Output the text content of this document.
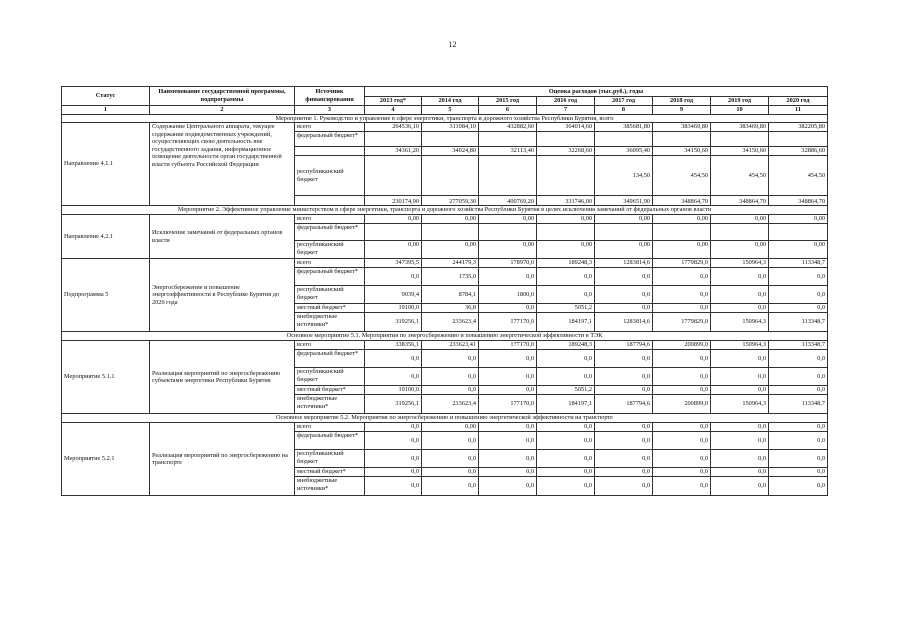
12
Статус	Наименование государственной программы, подпрограммы	Источник финансирования	Оценка расходов (тыс.руб.), годы							
			2013 год*	2014 год	2015 год	2016 год	2017 год	2018 год	2019 год	2020 год
1	2	3	4	5	6	7	8	9	10	11
Мероприятие 1. Руководство и управление в сфере энергетики, транспорта и дорожного хозяйства Республики Бурятия, всего										
Направление 4.1.1	Содержание Центрального аппарата, текущее содержание подведомственных учреждений, осуществляющих свою деятельность вне государственного задания, информационное освещение деятельности орган государственной власти субъекта Российской Федерации	всего	264536,10	311084,10	432882,60	364014,60	385681,80	383469,80	383469,80	382205,80
		федеральный бюджет*								
			34361,20	34024,80	32113,40	32268,60	36095,40	34150,60	34150,60	32886,60
		республиканский бюджет					134,50	454,50	454,50	454,50
			230174,90	277059,30	400769,20	331746,00	349651,90	348864,70	348864,70	348864,70
Мероприятие 2. Эффективное управление министерством в сфере энергетики, транспорта и дорожного хозяйства Республики Бурятия в целях исключения замечаний от федеральных органов власти										
Направление 4.2.1	Исключение замечаний от федеральных органов власти	всего	0,00	0,00	0,00	0,00	0,00	0,00	0,00	0,00
		федеральный бюджет*								
		республиканский бюджет	0,00	0,00	0,00	0,00	0,00	0,00	0,00	0,00
Подпрограмма 5	Энергосбережение и повышение энергоэффективности в Республике Бурятия до 2020 года	всего	347395,5	244179,3	178970,0	189248,3	1283814,6	1779829,0	150964,3	113348,7
		федеральный бюджет*	0,0	1735,0	0,0	0,0	0,0	0,0	0,0	0,0
		республиканский бюджет	9039,4	8784,1	1800,0	0,0	0,0	0,0	0,0	0,0
		местный бюджет*	19100,0	36,8	0,0	5051,2	0,0	0,0	0,0	0,0
		внебюджетные источники*	319256,1	233623,4	177170,0	184197,1	1283814,6	1779829,0	150964,3	113348,7
Основное мероприятие 5.1. Мероприятия по энергосбережению и повышению энергетической эффективности в ТЭК										
Мероприятие 5.1.1	Реализация мероприятий по энергосбережению субъектами энергетики Республики Бурятия	всего	338356,1	233623,41	177170,0	189248,3	187794,6	200899,0	150964,3	113348,7
		федеральный бюджет*	0,0	0,0	0,0	0,0	0,0	0,0	0,0	0,0
		республиканский бюджет	0,0	0,0	0,0	0,0	0,0	0,0	0,0	0,0
		местный бюджет*	19100,0	0,0	0,0	5051,2	0,0	0,0	0,0	0,0
		внебюджетные источники*	319256,1	233623,4	177170,0	184197,1	187794,6	200899,0	150964,3	113348,7
Основное мероприятие 5.2. Мероприятия по энергосбережению и повышению энергетической эффективности на транспорте										
Мероприятие 5.2.1	Реализация мероприятий по энергосбережению на транспорте	всего	0,0	0,00	0,0	0,0	0,0	0,0	0,0	0,0
		федеральный бюджет*	0,0	0,0	0,0	0,0	0,0	0,0	0,0	0,0
		республиканский бюджет	0,0	0,0	0,0	0,0	0,0	0,0	0,0	0,0
		местный бюджет*	0,0	0,0	0,0	0,0	0,0	0,0	0,0	0,0
		внебюджетные источники*	0,0	0,0	0,0	0,0	0,0	0,0	0,0	0,0
